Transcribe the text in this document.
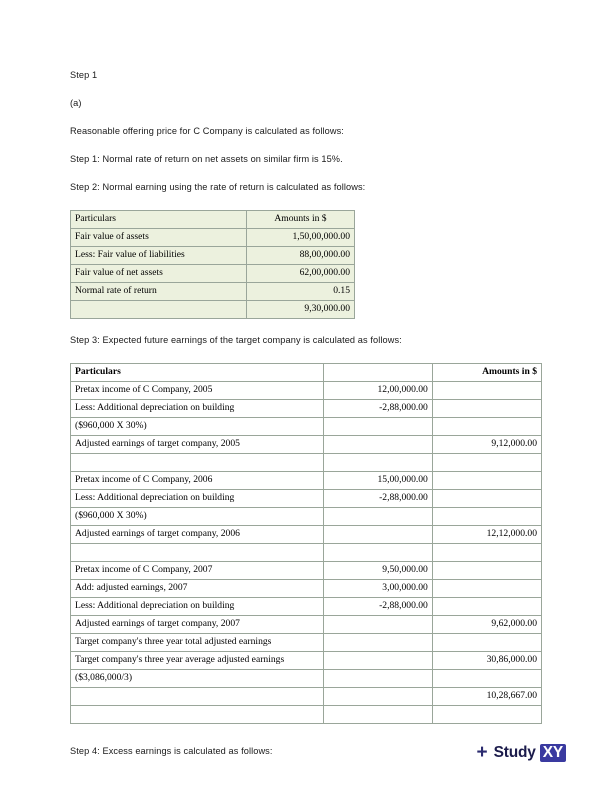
Step 1

(a)

Reasonable offering price for C Company is calculated as follows:

Step 1: Normal rate of return on net assets on similar firm is 15%.

Step 2: Normal earning using the rate of return is calculated as follows:

Particulars	Amounts in $
Fair value of assets	1,50,00,000.00
Less: Fair value of liabilities	88,00,000.00
Fair value of net assets	62,00,000.00
Normal rate of return	0.15
	9,30,000.00

Step 3: Expected future earnings of the target company is calculated as follows:

Particulars		Amounts in $
Pretax income of C Company, 2005	12,00,000.00	
Less: Additional depreciation on building	-2,88,000.00	
($960,000 X 30%)		
Adjusted earnings of target company, 2005		9,12,000.00

Pretax income of C Company, 2006	15,00,000.00	
Less: Additional depreciation on building	-2,88,000.00	
($960,000 X 30%)		
Adjusted earnings of target company, 2006		12,12,000.00

Pretax income of C Company, 2007	9,50,000.00	
Add: adjusted earnings, 2007	3,00,000.00	
Less: Additional depreciation on building	-2,88,000.00	
Adjusted earnings of target company, 2007		9,62,000.00
Target company's three year total adjusted earnings		
Target company's three year average adjusted earnings		30,86,000.00
($3,086,000/3)		
		10,28,667.00

Step 4: Excess earnings is calculated as follows:	+ Study XY
